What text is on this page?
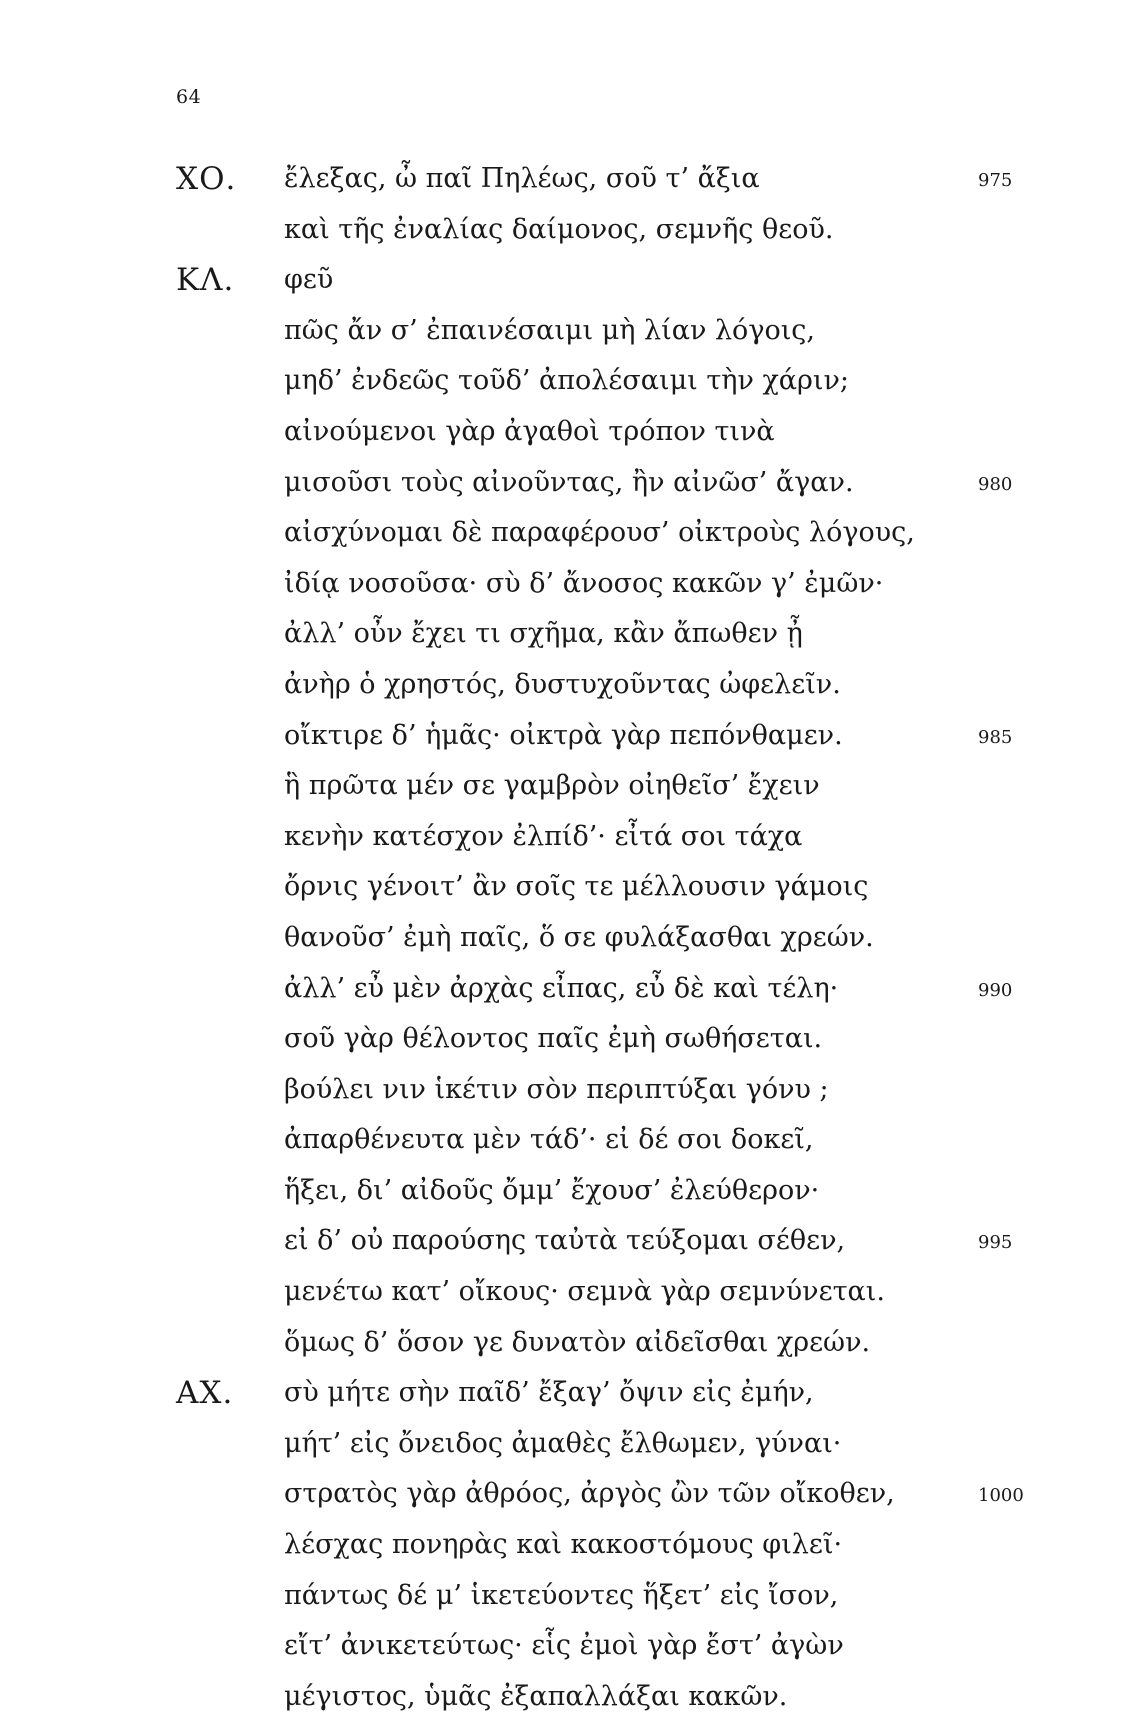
64
ΧΟ. ἔλεξας, ὦ παῖ Πηλέως, σοῦ τ’ ἄξια	975
καὶ τῆς ἐναλίας δαίμονος, σεμνῆς θεοῦ.
ΚΛ. φεῦ
πῶς ἄν σ’ ἐπαινέσαιμι μὴ λίαν λόγοις,
μηδ’ ἐνδεῶς τοῦδ’ ἀπολέσαιμι τὴν χάριν;
αἰνούμενοι γὰρ ἀγαθοὶ τρόπον τινὰ
μισοῦσι τοὺς αἰνοῦντας, ἢν αἰνῶσ’ ἄγαν.	980
αἰσχύνομαι δὲ παραφέρουσ’ οἰκτροὺς λόγους,
ἰδίᾳ νοσοῦσα· σὺ δ’ ἄνοσος κακῶν γ’ ἐμῶν·
ἀλλ’ οὖν ἔχει τι σχῆμα, κἂν ἄπωθεν ᾖ
ἀνὴρ ὁ χρηστός, δυστυχοῦντας ὠφελεῖν.
οἴκτιρε δ’ ἡμᾶς· οἰκτρὰ γὰρ πεπόνθαμεν.	985
ἣ πρῶτα μέν σε γαμβρὸν οἰηθεῖσ’ ἔχειν
κενὴν κατέσχον ἐλπίδ’· εἶτά σοι τάχα
ὄρνις γένοιτ’ ἂν σοῖς τε μέλλουσιν γάμοις
θανοῦσ’ ἐμὴ παῖς, ὅ σε φυλάξασθαι χρεών.
ἀλλ’ εὖ μὲν ἀρχὰς εἶπας, εὖ δὲ καὶ τέλη·	990
σοῦ γὰρ θέλοντος παῖς ἐμὴ σωθήσεται.
βούλει νιν ἱκέτιν σὸν περιπτύξαι γόνυ ;
ἀπαρθένευτα μὲν τάδ’· εἰ δέ σοι δοκεῖ,
ἥξει, δι’ αἰδοῦς ὄμμ’ ἔχουσ’ ἐλεύθερον·
εἰ δ’ οὐ παρούσης ταὐτὰ τεύξομαι σέθεν,	995
μενέτω κατ’ οἴκους· σεμνὰ γὰρ σεμνύνεται.
ὅμως δ’ ὅσον γε δυνατὸν αἰδεῖσθαι χρεών.
ΑΧ. σὺ μήτε σὴν παῖδ’ ἔξαγ’ ὄψιν εἰς ἐμήν,
μήτ’ εἰς ὄνειδος ἀμαθὲς ἔλθωμεν, γύναι·
στρατὸς γὰρ ἀθρόος, ἀργὸς ὢν τῶν οἴκοθεν,	1000
λέσχας πονηρὰς καὶ κακοστόμους φιλεῖ·
πάντως δέ μ’ ἱκετεύοντες ἥξετ’ εἰς ἴσον,
εἴτ’ ἀνικετεύτως· εἷς ἐμοὶ γὰρ ἔστ’ ἀγὼν
μέγιστος, ὑμᾶς ἐξαπαλλάξαι κακῶν.
